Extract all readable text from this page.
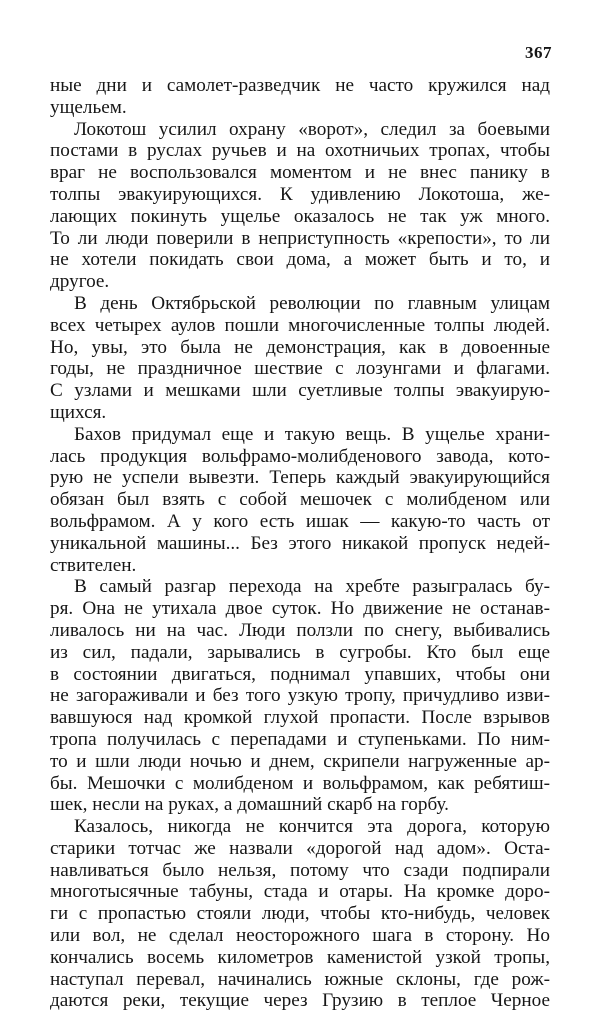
367
ные дни и самолет-разведчик не часто кружился над
ущельем.
Локотош усилил охрану «ворот», следил за боевыми
постами в руслах ручьев и на охотничьих тропах, чтобы
враг не воспользовался моментом и не внес панику в
толпы эвакуирующихся. К удивлению Локотоша, же-
лающих покинуть ущелье оказалось не так уж много.
То ли люди поверили в неприступность «крепости», то ли
не хотели покидать свои дома, а может быть и то, и
другое.
В день Октябрьской революции по главным улицам
всех четырех аулов пошли многочисленные толпы людей.
Но, увы, это была не демонстрация, как в довоенные
годы, не праздничное шествие с лозунгами и флагами.
С узлами и мешками шли суетливые толпы эвакуирую-
щихся.
Бахов придумал еще и такую вещь. В ущелье храни-
лась продукция вольфрамо-молибденового завода, кото-
рую не успели вывезти. Теперь каждый эвакуирующийся
обязан был взять с собой мешочек с молибденом или
вольфрамом. А у кого есть ишак — какую-то часть от
уникальной машины... Без этого никакой пропуск недей-
ствителен.
В самый разгар перехода на хребте разыгралась бу-
ря. Она не утихала двое суток. Но движение не останав-
ливалось ни на час. Люди ползли по снегу, выбивались
из сил, падали, зарывались в сугробы. Кто был еще
в состоянии двигаться, поднимал упавших, чтобы они
не загораживали и без того узкую тропу, причудливо изви-
вавшуюся над кромкой глухой пропасти. После взрывов
тропа получилась с перепадами и ступеньками. По ним-
то и шли люди ночью и днем, скрипели нагруженные ар-
бы. Мешочки с молибденом и вольфрамом, как ребятиш-
шек, несли на руках, а домашний скарб на горбу.
Казалось, никогда не кончится эта дорога, которую
старики тотчас же назвали «дорогой над адом». Оста-
навливаться было нельзя, потому что сзади подпирали
многотысячные табуны, стада и отары. На кромке доро-
ги с пропастью стояли люди, чтобы кто-нибудь, человек
или вол, не сделал неосторожного шага в сторону. Но
кончались восемь километров каменистой узкой тропы,
наступал перевал, начинались южные склоны, где рож-
даются реки, текущие через Грузию в теплое Черное
